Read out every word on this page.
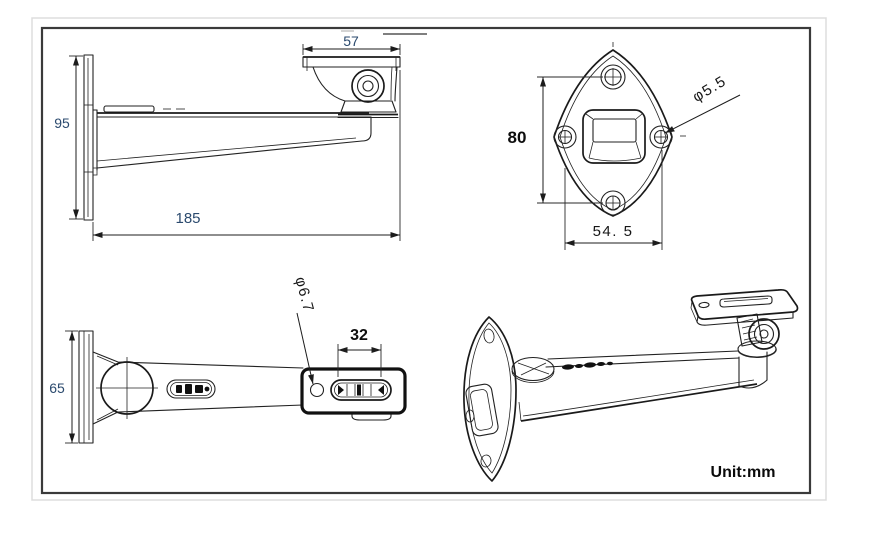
57
95
185
80
54. 5
φ5.5
65
32
φ6.7
Unit:mm
